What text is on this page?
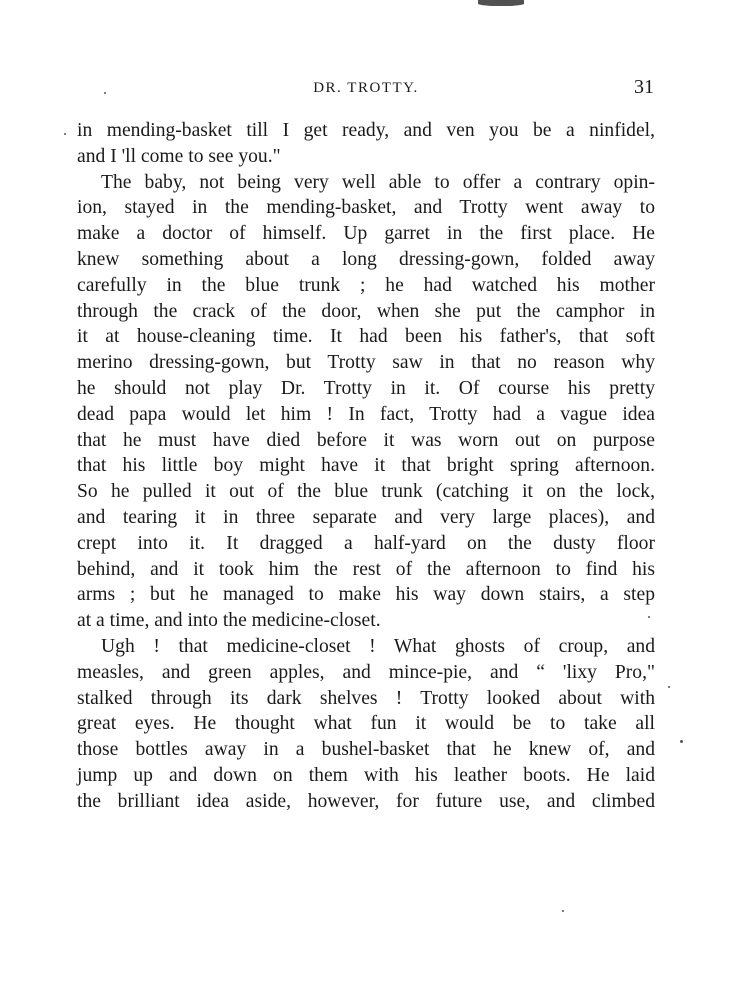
DR. TROTTY.	31
in mending-basket till I get ready, and ven you be a ninfidel,
and I 'll come to see you."
The baby, not being very well able to offer a contrary opin-
ion, stayed in the mending-basket, and Trotty went away to
make a doctor of himself. Up garret in the first place. He
knew something about a long dressing-gown, folded away
carefully in the blue trunk ; he had watched his mother
through the crack of the door, when she put the camphor in
it at house-cleaning time. It had been his father's, that soft
merino dressing-gown, but Trotty saw in that no reason why
he should not play Dr. Trotty in it. Of course his pretty
dead papa would let him ! In fact, Trotty had a vague idea
that he must have died before it was worn out on purpose
that his little boy might have it that bright spring afternoon.
So he pulled it out of the blue trunk (catching it on the lock,
and tearing it in three separate and very large places), and
crept into it. It dragged a half-yard on the dusty floor
behind, and it took him the rest of the afternoon to find his
arms ; but he managed to make his way down stairs, a step
at a time, and into the medicine-closet.
Ugh ! that medicine-closet ! What ghosts of croup, and
measles, and green apples, and mince-pie, and “ 'lixy Pro,"
stalked through its dark shelves ! Trotty looked about with
great eyes. He thought what fun it would be to take all
those bottles away in a bushel-basket that he knew of, and
jump up and down on them with his leather boots. He laid
the brilliant idea aside, however, for future use, and climbed
